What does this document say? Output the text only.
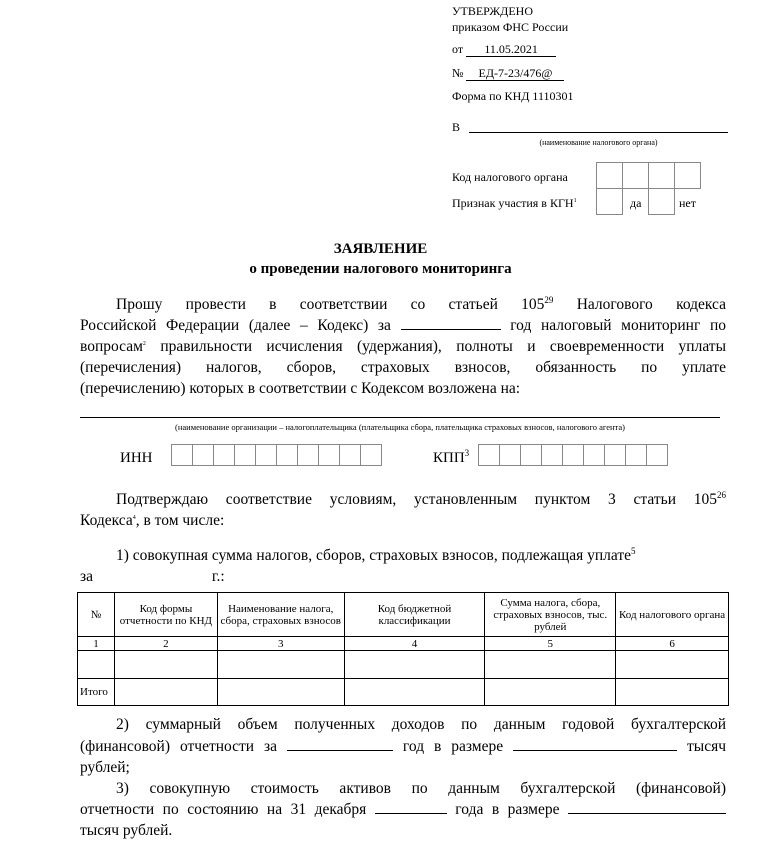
УТВЕРЖДЕНО
приказом ФНС России
от 11.05.2021
№ ЕД-7-23/476@
Форма по КНД 1110301
В
(наименование налогового органа)
Код налогового органа
Признак участия в КГН$^1$	да	нет
ЗАЯВЛЕНИЕ
о проведении налогового мониторинга
Прошу провести в соответствии со статьей $105^{29}$ Налогового кодекса
Российской Федерации (далее – Кодекс) за	год налоговый мониторинг по
вопросам$^2$ правильности исчисления (удержания), полноты и своевременности уплаты
(перечисления) налогов, сборов, страховых взносов, обязанность по уплате
(перечислению) которых в соответствии с Кодексом возложена на:
(наименование организации – налогоплательщика (плательщика сбора, плательщика страховых взносов, налогового агента)
ИНН	КПП$^3$
Подтверждаю соответствие условиям, установленным пунктом 3 статьи $105^{26}$
Кодекса$^4$, в том числе:
1) совокупная сумма налогов, сборов, страховых взносов, подлежащая уплате$^5$
за	г.:
№	Код формы отчетности по КНД	Наименование налога, сбора, страховых взносов	Код бюджетной классификации	Сумма налога, сбора, страховых взносов, тыс. рублей	Код налогового органа
1	2	3	4	5	6

Итого					
2) суммарный объем полученных доходов по данным годовой бухгалтерской
(финансовой) отчетности за	год в размере	тысяч
рублей;
3) совокупную стоимость активов по данным бухгалтерской (финансовой)
отчетности по состоянию на 31 декабря	года в размере
тысяч рублей.
